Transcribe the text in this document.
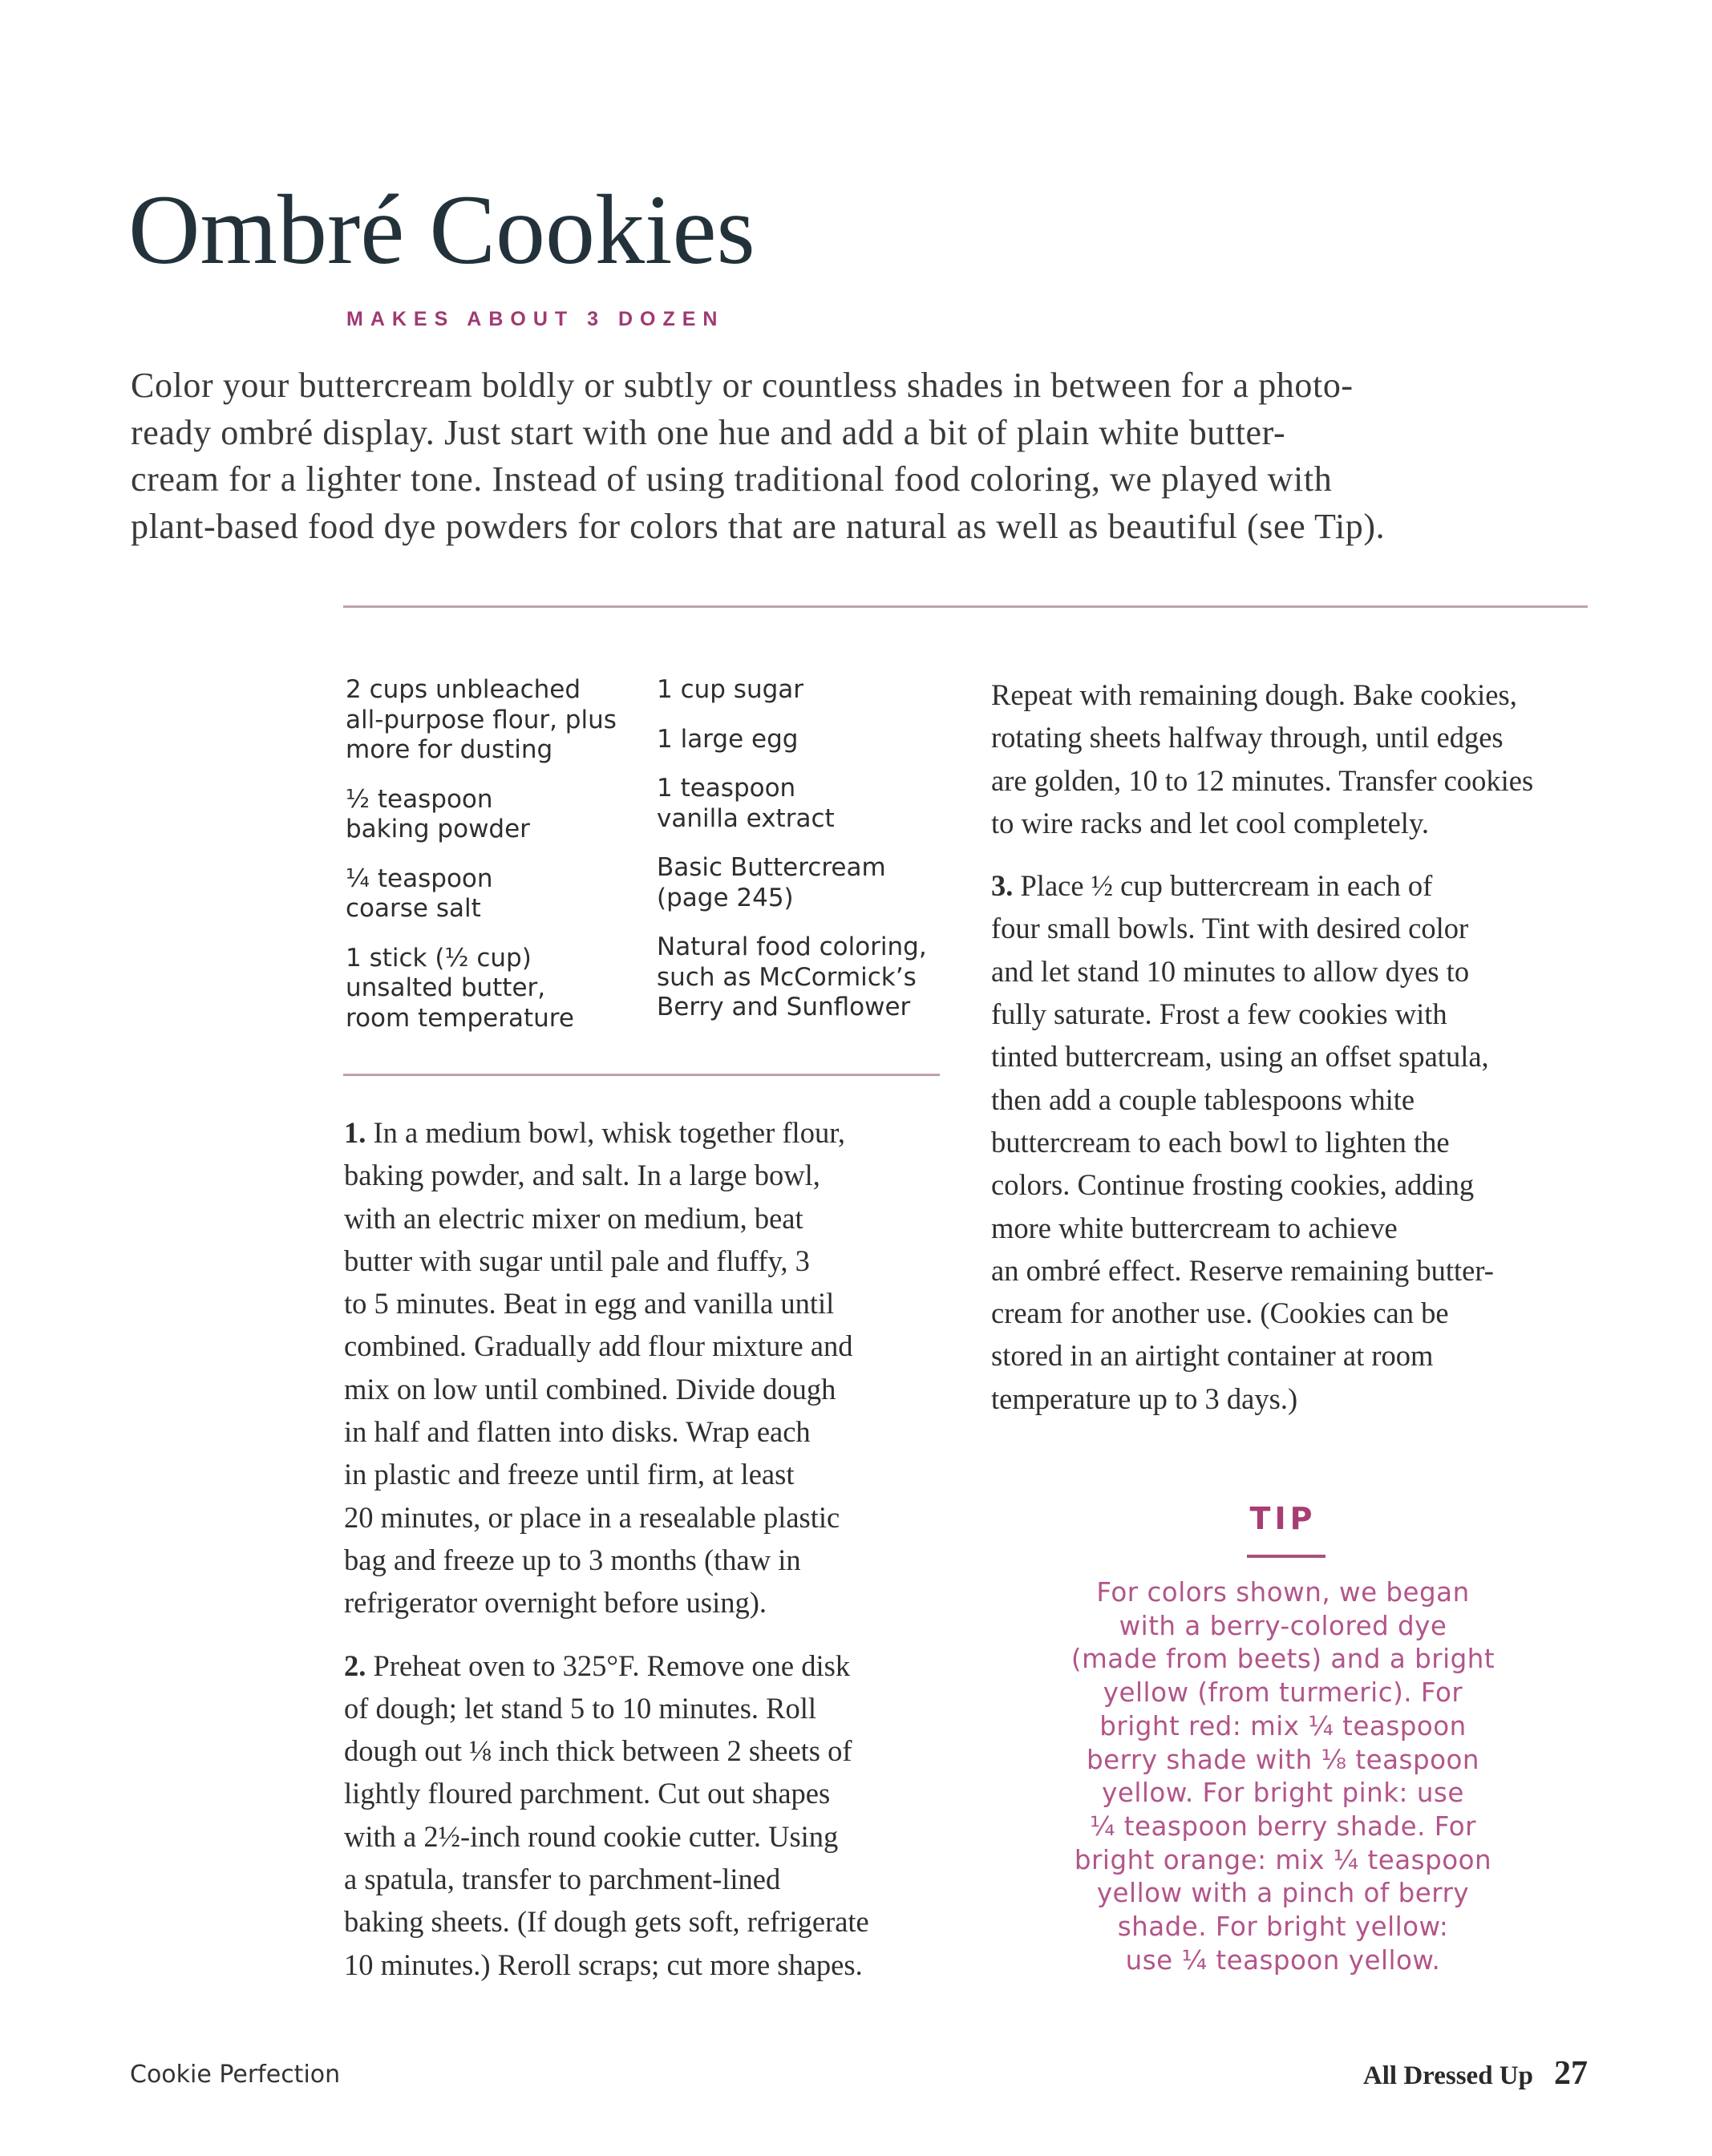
Ombré Cookies
MAKES ABOUT 3 DOZEN
Color your buttercream boldly or subtly or countless shades in between for a photo-
ready ombré display. Just start with one hue and add a bit of plain white butter-
cream for a lighter tone. Instead of using traditional food coloring, we played with
plant-based food dye powders for colors that are natural as well as beautiful (see Tip).
2 cups unbleached
all-purpose flour, plus
more for dusting
½ teaspoon
baking powder
¼ teaspoon
coarse salt
1 stick (½ cup)
unsalted butter,
room temperature
1 cup sugar
1 large egg
1 teaspoon
vanilla extract
Basic Buttercream
(page 245)
Natural food coloring,
such as McCormick’s
Berry and Sunflower
1. In a medium bowl, whisk together flour,
baking powder, and salt. In a large bowl,
with an electric mixer on medium, beat
butter with sugar until pale and fluffy, 3
to 5 minutes. Beat in egg and vanilla until
combined. Gradually add flour mixture and
mix on low until combined. Divide dough
in half and flatten into disks. Wrap each
in plastic and freeze until firm, at least
20 minutes, or place in a resealable plastic
bag and freeze up to 3 months (thaw in
refrigerator overnight before using).
2. Preheat oven to 325°F. Remove one disk
of dough; let stand 5 to 10 minutes. Roll
dough out ⅛ inch thick between 2 sheets of
lightly floured parchment. Cut out shapes
with a 2½-inch round cookie cutter. Using
a spatula, transfer to parchment-lined
baking sheets. (If dough gets soft, refrigerate
10 minutes.) Reroll scraps; cut more shapes.
Repeat with remaining dough. Bake cookies,
rotating sheets halfway through, until edges
are golden, 10 to 12 minutes. Transfer cookies
to wire racks and let cool completely.
3. Place ½ cup buttercream in each of
four small bowls. Tint with desired color
and let stand 10 minutes to allow dyes to
fully saturate. Frost a few cookies with
tinted buttercream, using an offset spatula,
then add a couple tablespoons white
buttercream to each bowl to lighten the
colors. Continue frosting cookies, adding
more white buttercream to achieve
an ombré effect. Reserve remaining butter-
cream for another use. (Cookies can be
stored in an airtight container at room
temperature up to 3 days.)
TIP
For colors shown, we began
with a berry-colored dye
(made from beets) and a bright
yellow (from turmeric). For
bright red: mix ¼ teaspoon
berry shade with ⅛ teaspoon
yellow. For bright pink: use
¼ teaspoon berry shade. For
bright orange: mix ¼ teaspoon
yellow with a pinch of berry
shade. For bright yellow:
use ¼ teaspoon yellow.
Cookie Perfection	All Dressed Up 27
